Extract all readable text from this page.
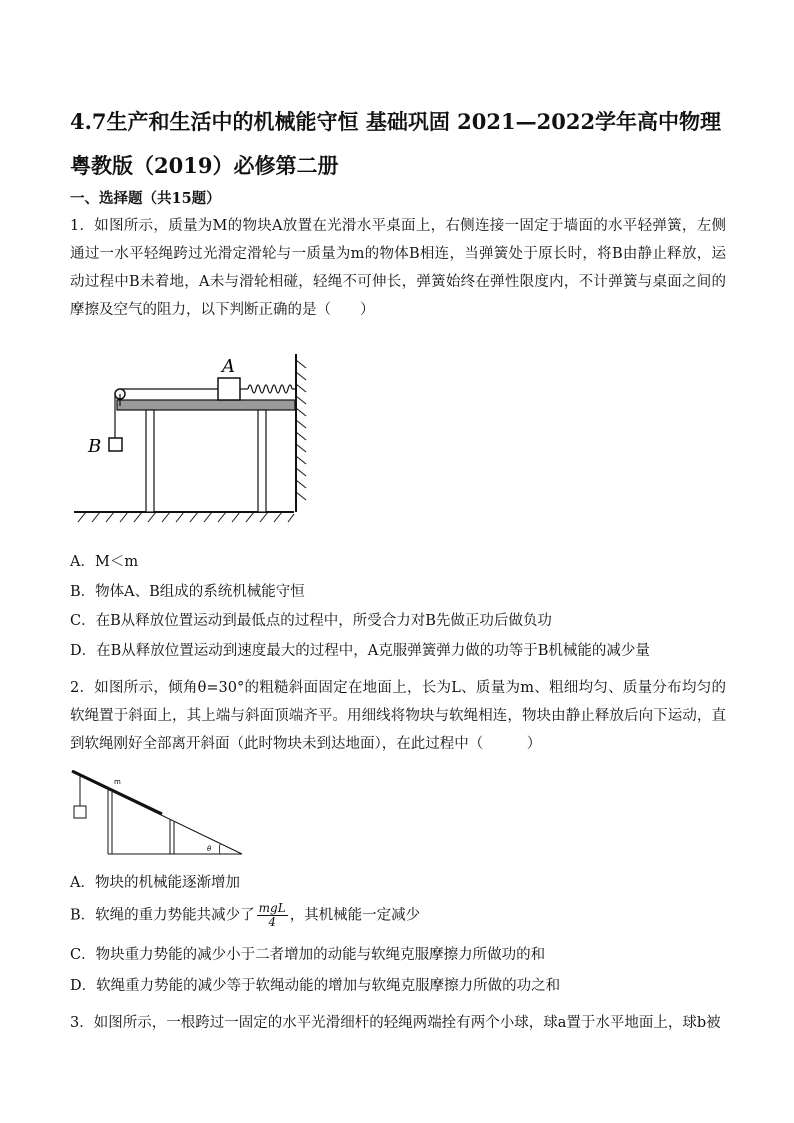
4.7生产和生活中的机械能守恒 基础巩固 2021—2022学年高中物理粤教版（2019）必修第二册
一、选择题（共15题）

1．如图所示，质量为M的物块A放置在光滑水平桌面上，右侧连接一固定于墙面的水平轻弹簧，左侧通过一水平轻绳跨过光滑定滑轮与一质量为m的物体B相连，当弹簧处于原长时，将B由静止释放，运动过程中B未着地，A未与滑轮相碰，轻绳不可伸长，弹簧始终在弹性限度内，不计弹簧与桌面之间的摩擦及空气的阻力，以下判断正确的是（　　）

A
B

A．M＜m

B．物体A、B组成的系统机械能守恒

C．在B从释放位置运动到最低点的过程中，所受合力对B先做正功后做负功

D．在B从释放位置运动到速度最大的过程中，A克服弹簧弹力做的功等于B机械能的减少量

2．如图所示，倾角θ=30°的粗糙斜面固定在地面上，长为L、质量为m、粗细均匀、质量分布均匀的软绳置于斜面上，其上端与斜面顶端齐平。用细线将物块与软绳相连，物块由静止释放后向下运动，直到软绳刚好全部离开斜面（此时物块未到达地面），在此过程中（　　　）

m
θ

A．物块的机械能逐渐增加

B．软绳的重力势能共减少了 $\frac{\text{mgL}}{4}$ ，其机械能一定减少

C．物块重力势能的减少小于二者增加的动能与软绳克服摩擦力所做功的和

D．软绳重力势能的减少等于软绳动能的增加与软绳克服摩擦力所做的功之和

3．如图所示，一根跨过一固定的水平光滑细杆的轻绳两端拴有两个小球，球a置于水平地面上，球b被
